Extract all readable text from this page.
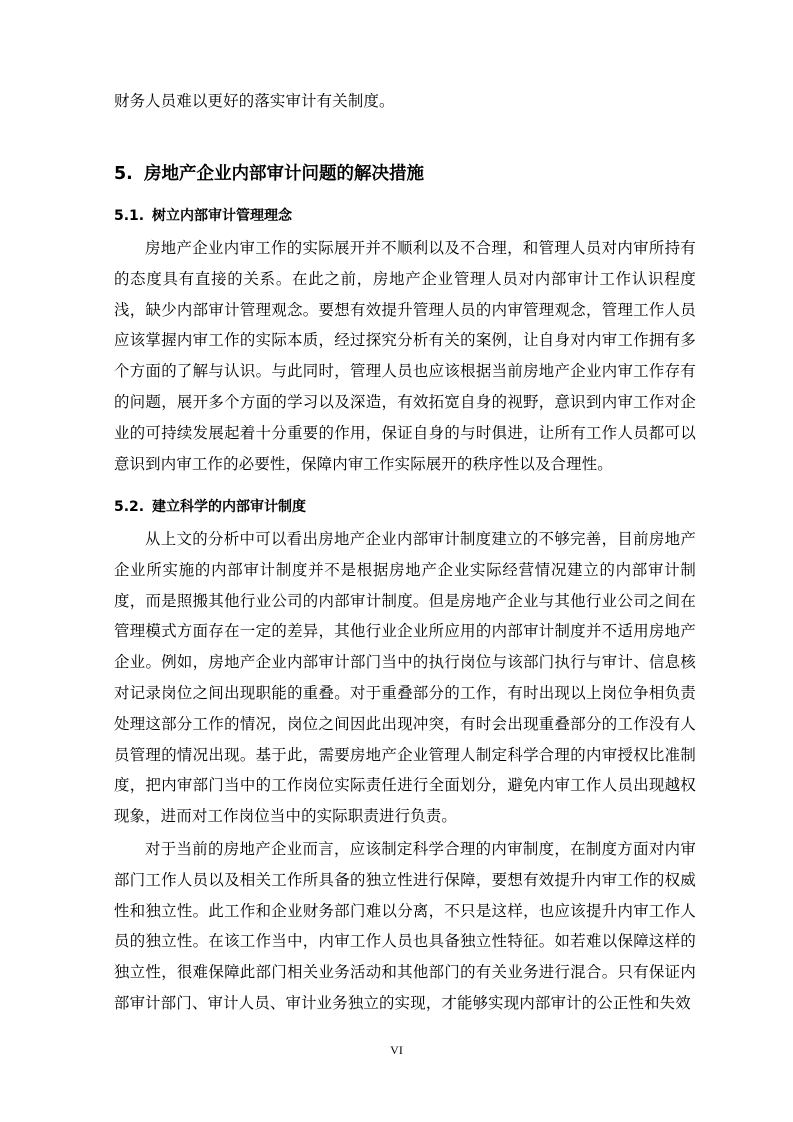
财务人员难以更好的落实审计有关制度。

5. 房地产企业内部审计问题的解决措施
5.1. 树立内部审计管理理念

房地产企业内审工作的实际展开并不顺利以及不合理，和管理人员对内审所持有的态度具有直接的关系。在此之前，房地产企业管理人员对内部审计工作认识程度浅，缺少内部审计管理观念。要想有效提升管理人员的内审管理观念，管理工作人员应该掌握内审工作的实际本质，经过探究分析有关的案例，让自身对内审工作拥有多个方面的了解与认识。与此同时，管理人员也应该根据当前房地产企业内审工作存有的问题，展开多个方面的学习以及深造，有效拓宽自身的视野，意识到内审工作对企业的可持续发展起着十分重要的作用，保证自身的与时俱进，让所有工作人员都可以意识到内审工作的必要性，保障内审工作实际展开的秩序性以及合理性。

5.2. 建立科学的内部审计制度

从上文的分析中可以看出房地产企业内部审计制度建立的不够完善，目前房地产企业所实施的内部审计制度并不是根据房地产企业实际经营情况建立的内部审计制度，而是照搬其他行业公司的内部审计制度。但是房地产企业与其他行业公司之间在管理模式方面存在一定的差异，其他行业企业所应用的内部审计制度并不适用房地产企业。例如，房地产企业内部审计部门当中的执行岗位与该部门执行与审计、信息核对记录岗位之间出现职能的重叠。对于重叠部分的工作，有时出现以上岗位争相负责处理这部分工作的情况，岗位之间因此出现冲突，有时会出现重叠部分的工作没有人员管理的情况出现。基于此，需要房地产企业管理人制定科学合理的内审授权比准制度，把内审部门当中的工作岗位实际责任进行全面划分，避免内审工作人员出现越权现象，进而对工作岗位当中的实际职责进行负责。

对于当前的房地产企业而言，应该制定科学合理的内审制度，在制度方面对内审部门工作人员以及相关工作所具备的独立性进行保障，要想有效提升内审工作的权威性和独立性。此工作和企业财务部门难以分离，不只是这样，也应该提升内审工作人员的独立性。在该工作当中，内审工作人员也具备独立性特征。如若难以保障这样的独立性，很难保障此部门相关业务活动和其他部门的有关业务进行混合。只有保证内部审计部门、审计人员、审计业务独立的实现，才能够实现内部审计的公正性和失效

VI
